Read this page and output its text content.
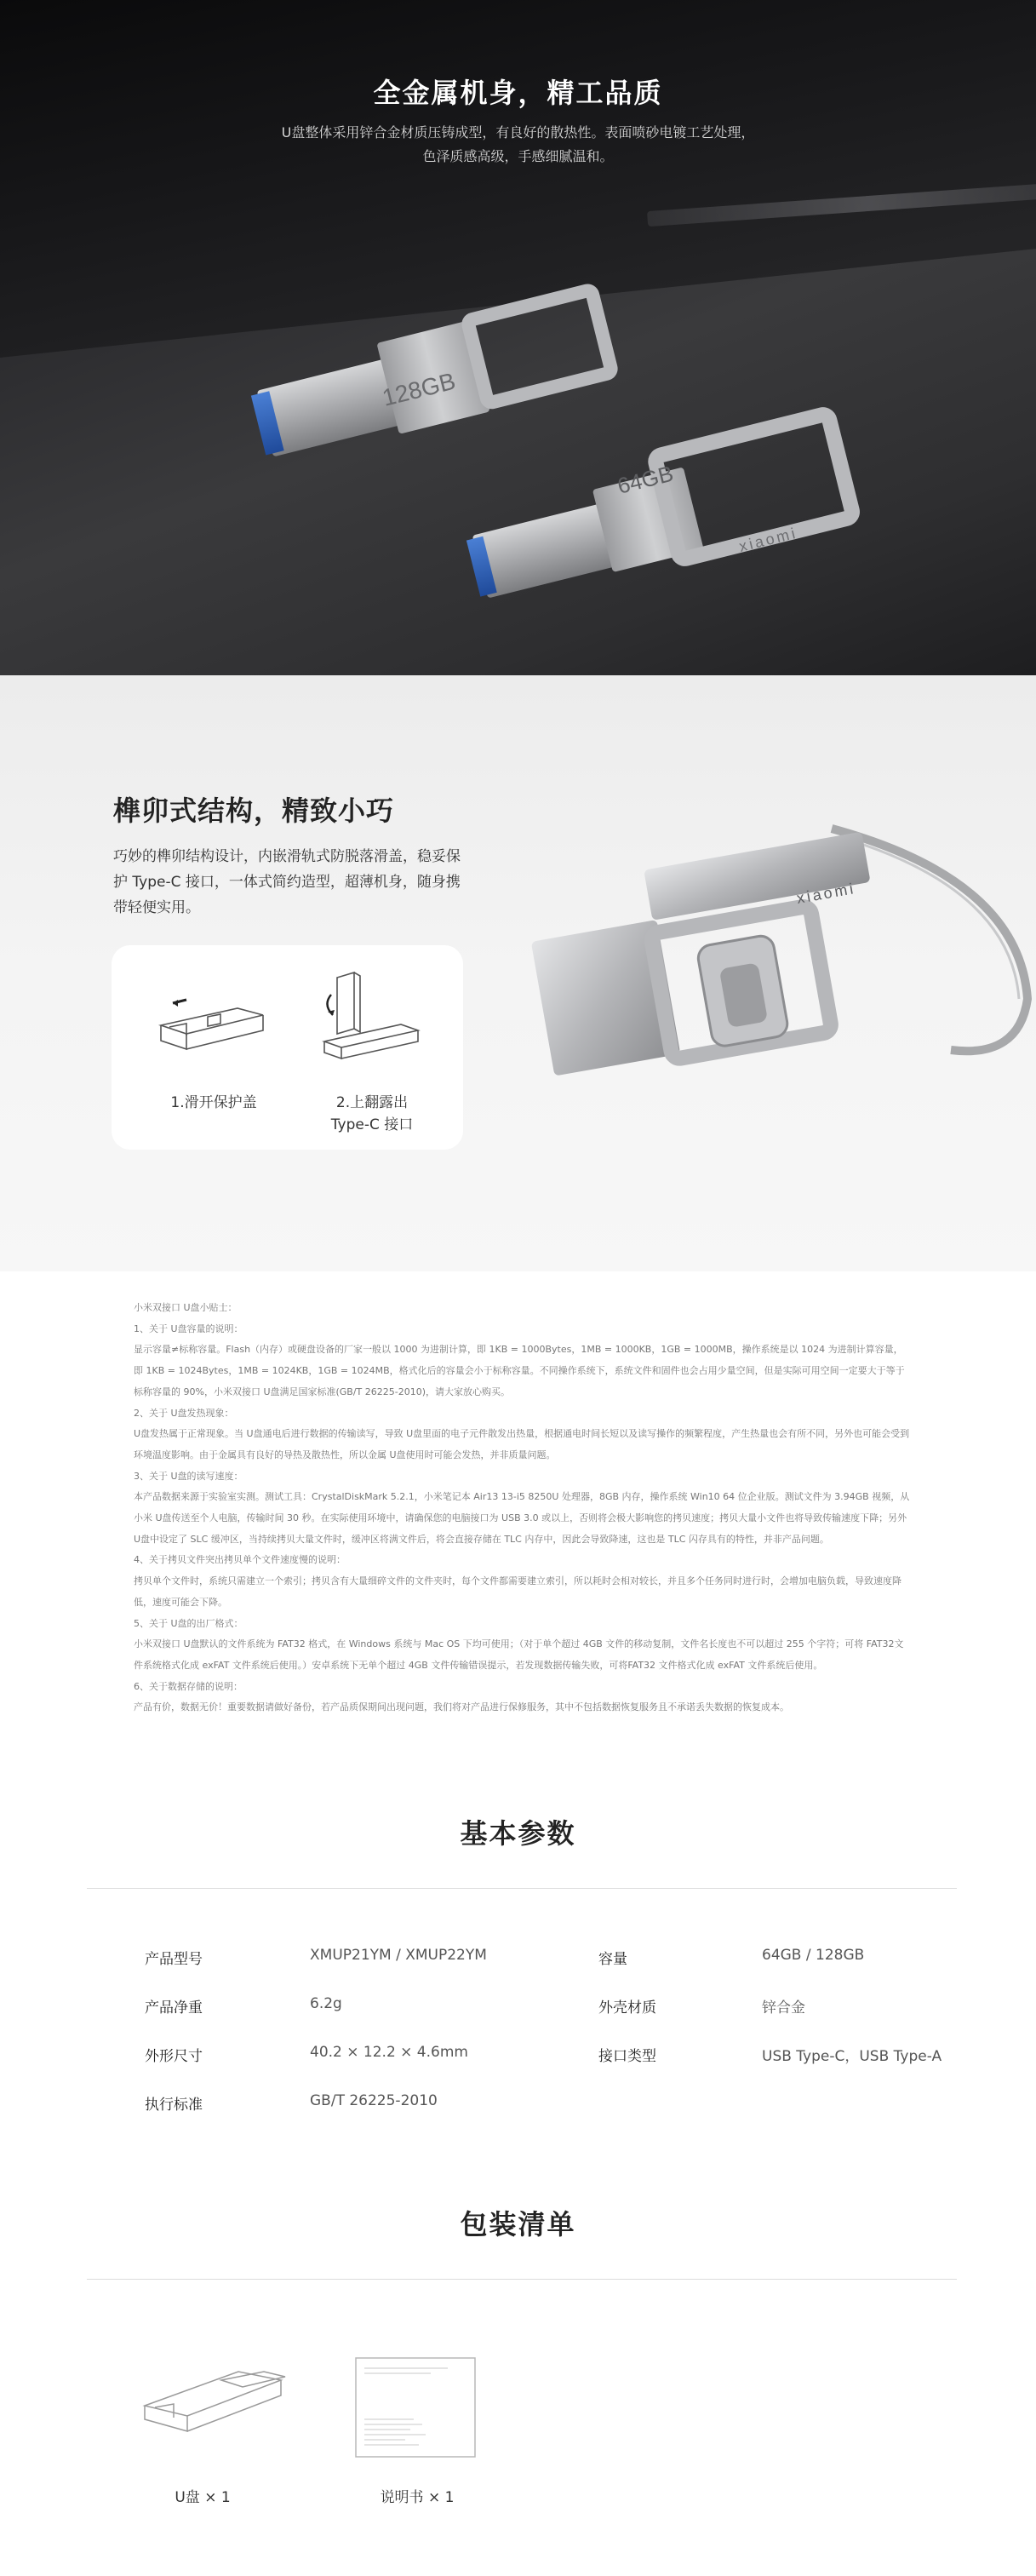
全金属机身，精工品质
U盘整体采用锌合金材质压铸成型，有良好的散热性。表面喷砂电镀工艺处理，
色泽质感高级，手感细腻温和。
128GB
64GB
xiaomi
榫卯式结构，精致小巧

巧妙的榫卯结构设计，内嵌滑轨式防脱落滑盖，稳妥保护 Type-C 接口，一体式简约造型，超薄机身，随身携带轻便实用。

1.滑开保护盖	2.上翻露出
Type-C 接口
xiaomi

小米双接口 U盘小贴士：

1、关于 U盘容量的说明：

显示容量≠标称容量。Flash（内存）或硬盘设备的厂家一般以 1000 为进制计算，即 1KB = 1000Bytes，1MB = 1000KB，1GB = 1000MB，操作系统是以 1024 为进制计算容量，即 1KB = 1024Bytes，1MB = 1024KB，1GB = 1024MB，格式化后的容量会小于标称容量。不同操作系统下，系统文件和固件也会占用少量空间，但是实际可用空间一定要大于等于标称容量的 90%，小米双接口 U盘满足国家标准(GB/T 26225-2010)，请大家放心购买。

2、关于 U盘发热现象：

U盘发热属于正常现象。当 U盘通电后进行数据的传输读写，导致 U盘里面的电子元件散发出热量，根据通电时间长短以及读写操作的频繁程度，产生热量也会有所不同，另外也可能会受到环境温度影响。由于金属具有良好的导热及散热性，所以金属 U盘使用时可能会发热，并非质量问题。

3、关于 U盘的读写速度：

本产品数据来源于实验室实测。测试工具：CrystalDiskMark 5.2.1，小米笔记本 Air13 13-i5 8250U 处理器，8GB 内存，操作系统 Win10 64 位企业版。测试文件为 3.94GB 视频，从小米 U盘传送至个人电脑，传输时间 30 秒。在实际使用环境中，请确保您的电脑接口为 USB 3.0 或以上，否则将会极大影响您的拷贝速度；拷贝大量小文件也将导致传输速度下降；另外 U盘中设定了 SLC 缓冲区，当持续拷贝大量文件时，缓冲区将满文件后，将会直接存储在 TLC 内存中，因此会导致降速，这也是 TLC 闪存具有的特性，并非产品问题。

4、关于拷贝文件突出拷贝单个文件速度慢的说明：

拷贝单个文件时，系统只需建立一个索引；拷贝含有大量细碎文件的文件夹时，每个文件都需要建立索引，所以耗时会相对较长，并且多个任务同时进行时，会增加电脑负载，导致速度降低，速度可能会下降。

5、关于 U盘的出厂格式：

小米双接口 U盘默认的文件系统为 FAT32 格式，在 Windows 系统与 Mac OS 下均可使用；（对于单个超过 4GB 文件的移动复制，文件名长度也不可以超过 255 个字符；可将 FAT32文件系统格式化成 exFAT 文件系统后使用。）安卓系统下无单个超过 4GB 文件传输错误提示，若发现数据传输失败，可将FAT32 文件格式化成 exFAT 文件系统后使用。

6、关于数据存储的说明：

产品有价，数据无价！重要数据请做好备份，若产品质保期间出现问题，我们将对产品进行保修服务，其中不包括数据恢复服务且不承诺丢失数据的恢复成本。

基本参数
产品型号	XMUP21YM / XMUP22YM	容量	64GB / 128GB
产品净重	6.2g	外壳材质	锌合金
外形尺寸	40.2 × 12.2 × 4.6mm	接口类型	USB Type-C，USB Type-A
执行标准	GB/T 26225-2010
包装清单
U盘 × 1	说明书 × 1
